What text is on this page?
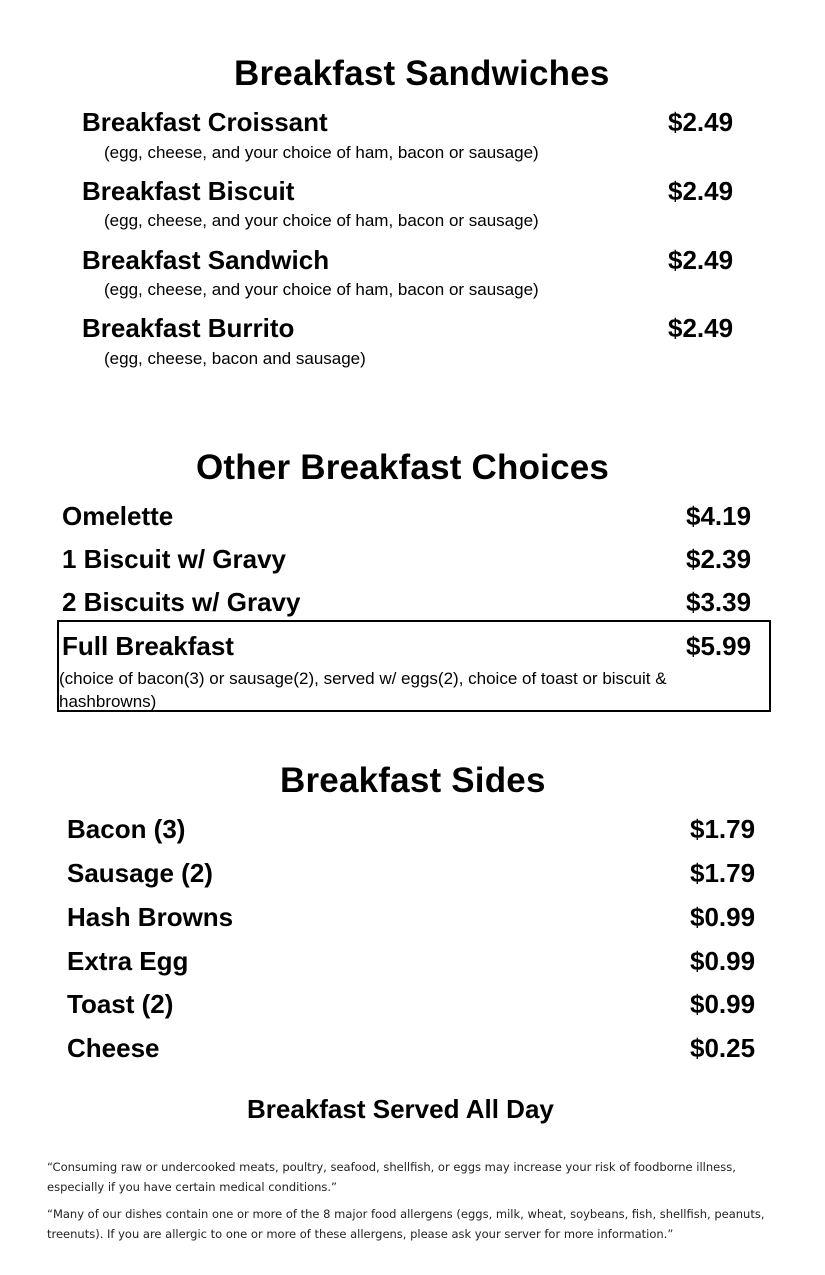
Breakfast Sandwiches
Breakfast Croissant	$2.49
(egg, cheese, and your choice of ham, bacon or sausage)
Breakfast Biscuit	$2.49
(egg, cheese, and your choice of ham, bacon or sausage)
Breakfast Sandwich	$2.49
(egg, cheese, and your choice of ham, bacon or sausage)
Breakfast Burrito	$2.49
(egg, cheese, bacon and sausage)
Other Breakfast Choices
Omelette	$4.19
1 Biscuit w/ Gravy	$2.39
2 Biscuits w/ Gravy	$3.39
Full Breakfast	$5.99
(choice of bacon(3) or sausage(2), served w/ eggs(2), choice of toast or biscuit & hashbrowns)
Breakfast Sides
Bacon (3)	$1.79
Sausage (2)	$1.79
Hash Browns	$0.99
Extra Egg	$0.99
Toast (2)	$0.99
Cheese	$0.25
Breakfast Served All Day
“Consuming raw or undercooked meats, poultry, seafood, shellfish, or eggs may increase your risk of foodborne illness, especially if you have certain medical conditions.”
“Many of our dishes contain one or more of the 8 major food allergens (eggs, milk, wheat, soybeans, fish, shellfish, peanuts, treenuts). If you are allergic to one or more of these allergens, please ask your server for more information.”
